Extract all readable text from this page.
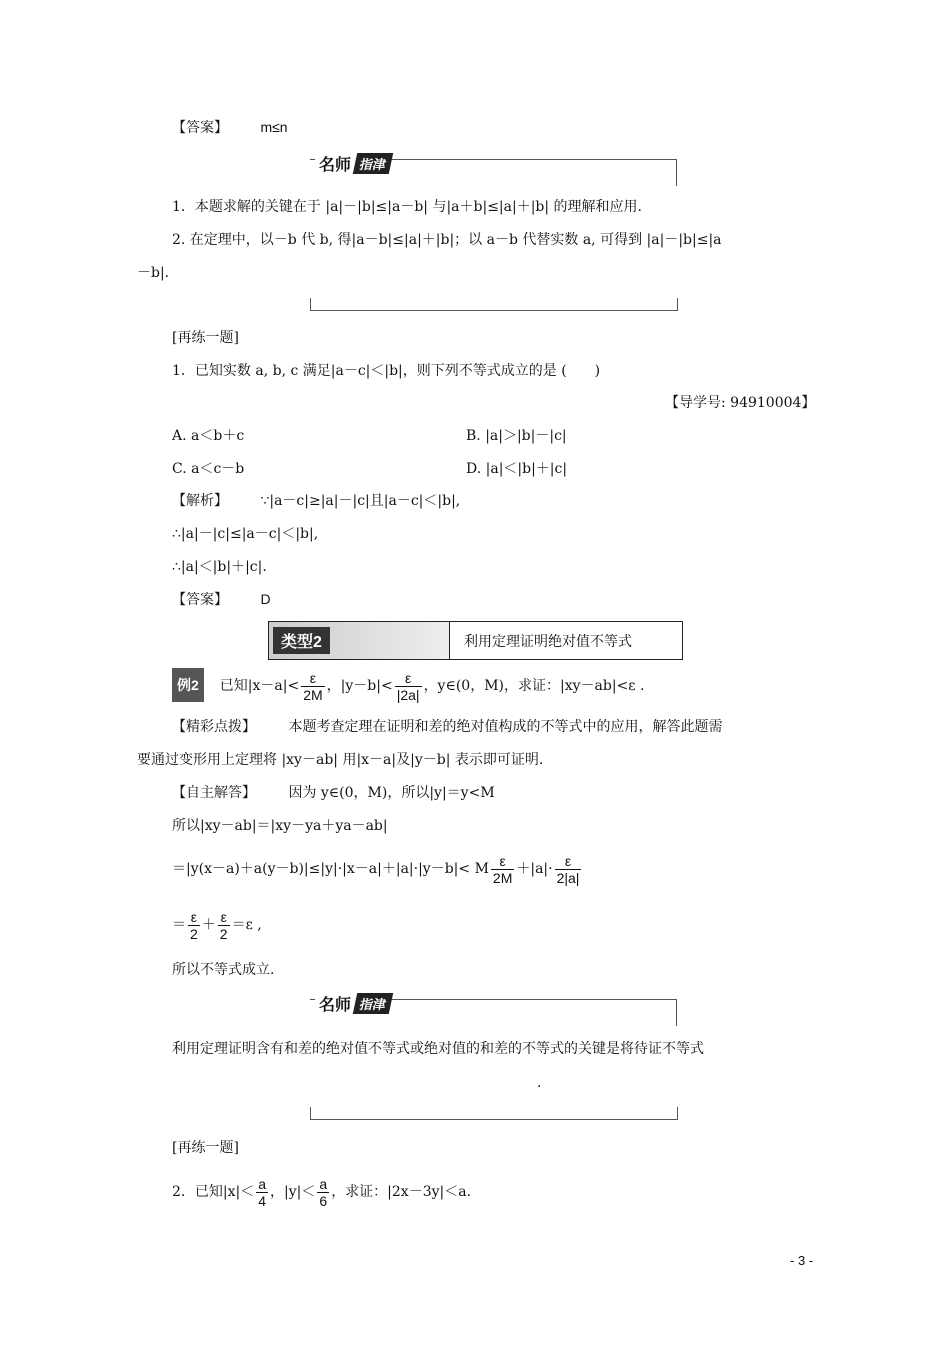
【答案】 m≤n
名师 指津
1．本题求解的关键在于 |a|－|b|≤|a－b| 与|a＋b|≤|a|＋|b| 的理解和应用.
2. 在定理中，以－b 代 b, 得|a－b|≤|a|＋|b|；以 a－b 代替实数 a, 可得到 |a|－|b|≤|a
－b|.
[再练一题]
1．已知实数 a, b, c 满足|a－c|＜|b|，则下列不等式成立的是 (　　)
【导学号: 94910004】
A. a＜b＋c	B. |a|＞|b|－|c|
C. a＜c－b	D. |a|＜|b|＋|c|
【解析】 ∵|a－c|≥|a|－|c|且|a－c|＜|b|,
∴|a|－|c|≤|a－c|＜|b|,
∴|a|＜|b|＋|c|.
【答案】 D
类型2	利用定理证明绝对值不等式
例2 已知$|x-a|< \frac{\varepsilon}{2M}$ ，$|y-b|< \frac{\varepsilon}{|2a|}$ ，y∈(0，M)，求证：|xy－ab|<ε .
【精彩点拨】 本题考查定理在证明和差的绝对值构成的不等式中的应用，解答此题需
要通过变形用上定理将 |xy－ab| 用|x－a|及|y－b| 表示即可证明.
【自主解答】 因为 y∈(0，M)，所以|y|＝y<M
所以|xy－ab|＝|xy－ya＋ya－ab|
＝|y(x－a)＋a(y－b)|≤|y|·|x－a|＋|a|·|y－b|< M $\frac{\varepsilon}{2M} +|a|\cdot \frac{\varepsilon}{2|a|}$
＝ $\frac{\varepsilon}{2} + \frac{\varepsilon}{2} =\varepsilon$ ,
所以不等式成立.
名师 指津
利用定理证明含有和差的绝对值不等式或绝对值的和差的不等式的关键是将待证不等式
.
[再练一题]
2．已知$|x|< \frac{a}{4}$ ，$|y|< \frac{a}{6}$ ，求证：|2x－3y|＜a.
- 3 -
